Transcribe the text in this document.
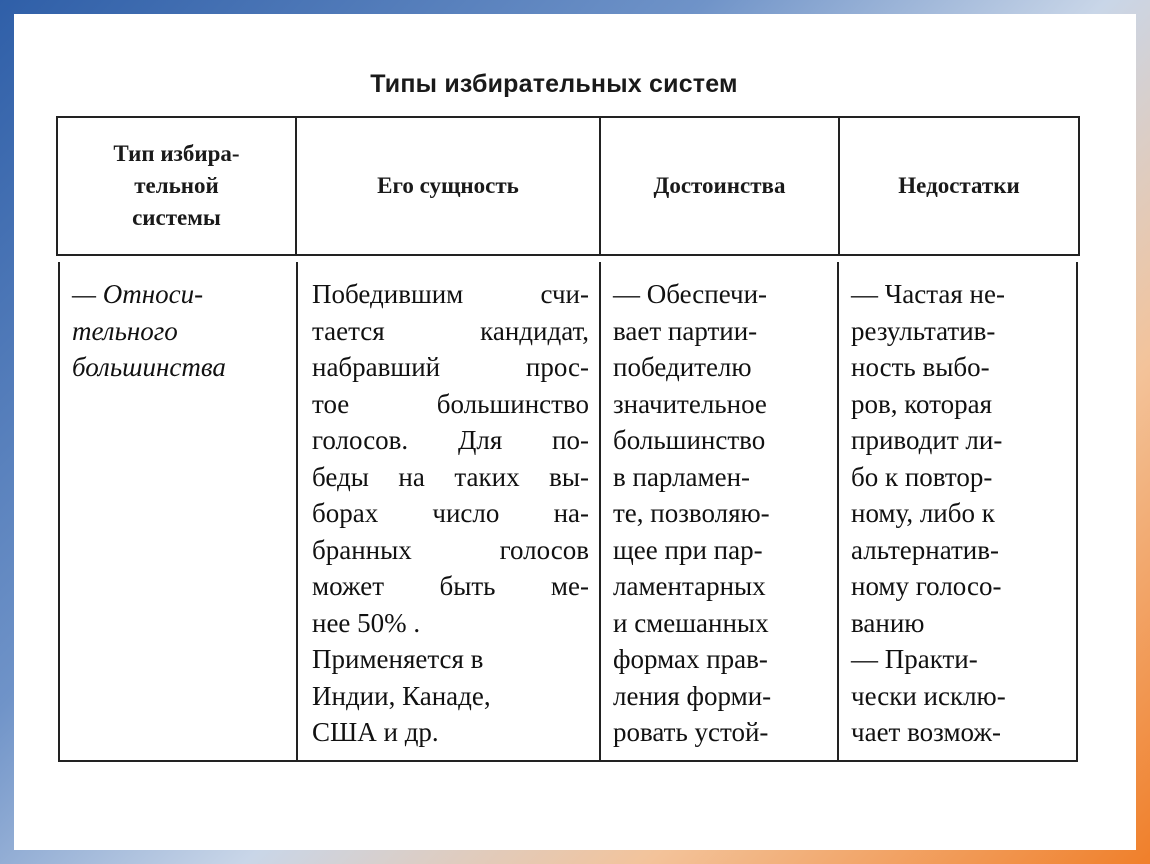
Типы избирательных систем
Тип избира-
тельной
системы
Его сущность	Достоинства	Недостатки
— Относи-
тельного
большинства
Победившим счи-
тается кандидат,
набравший прос-
тое большинство
голосов. Для по-
беды на таких вы-
борах число на-
бранных голосов
может быть ме-
нее 50% .
Применяется в
Индии, Канаде,
США и др.
— Обеспечи-
вает партии-
победителю
значительное
большинство
в парламен-
те, позволяю-
щее при пар-
ламентарных
и смешанных
формах прав-
ления форми-
ровать устой-
— Частая не-
результатив-
ность выбо-
ров, которая
приводит ли-
бо к повтор-
ному, либо к
альтернатив-
ному голосо-
ванию
— Практи-
чески исклю-
чает возмож-
